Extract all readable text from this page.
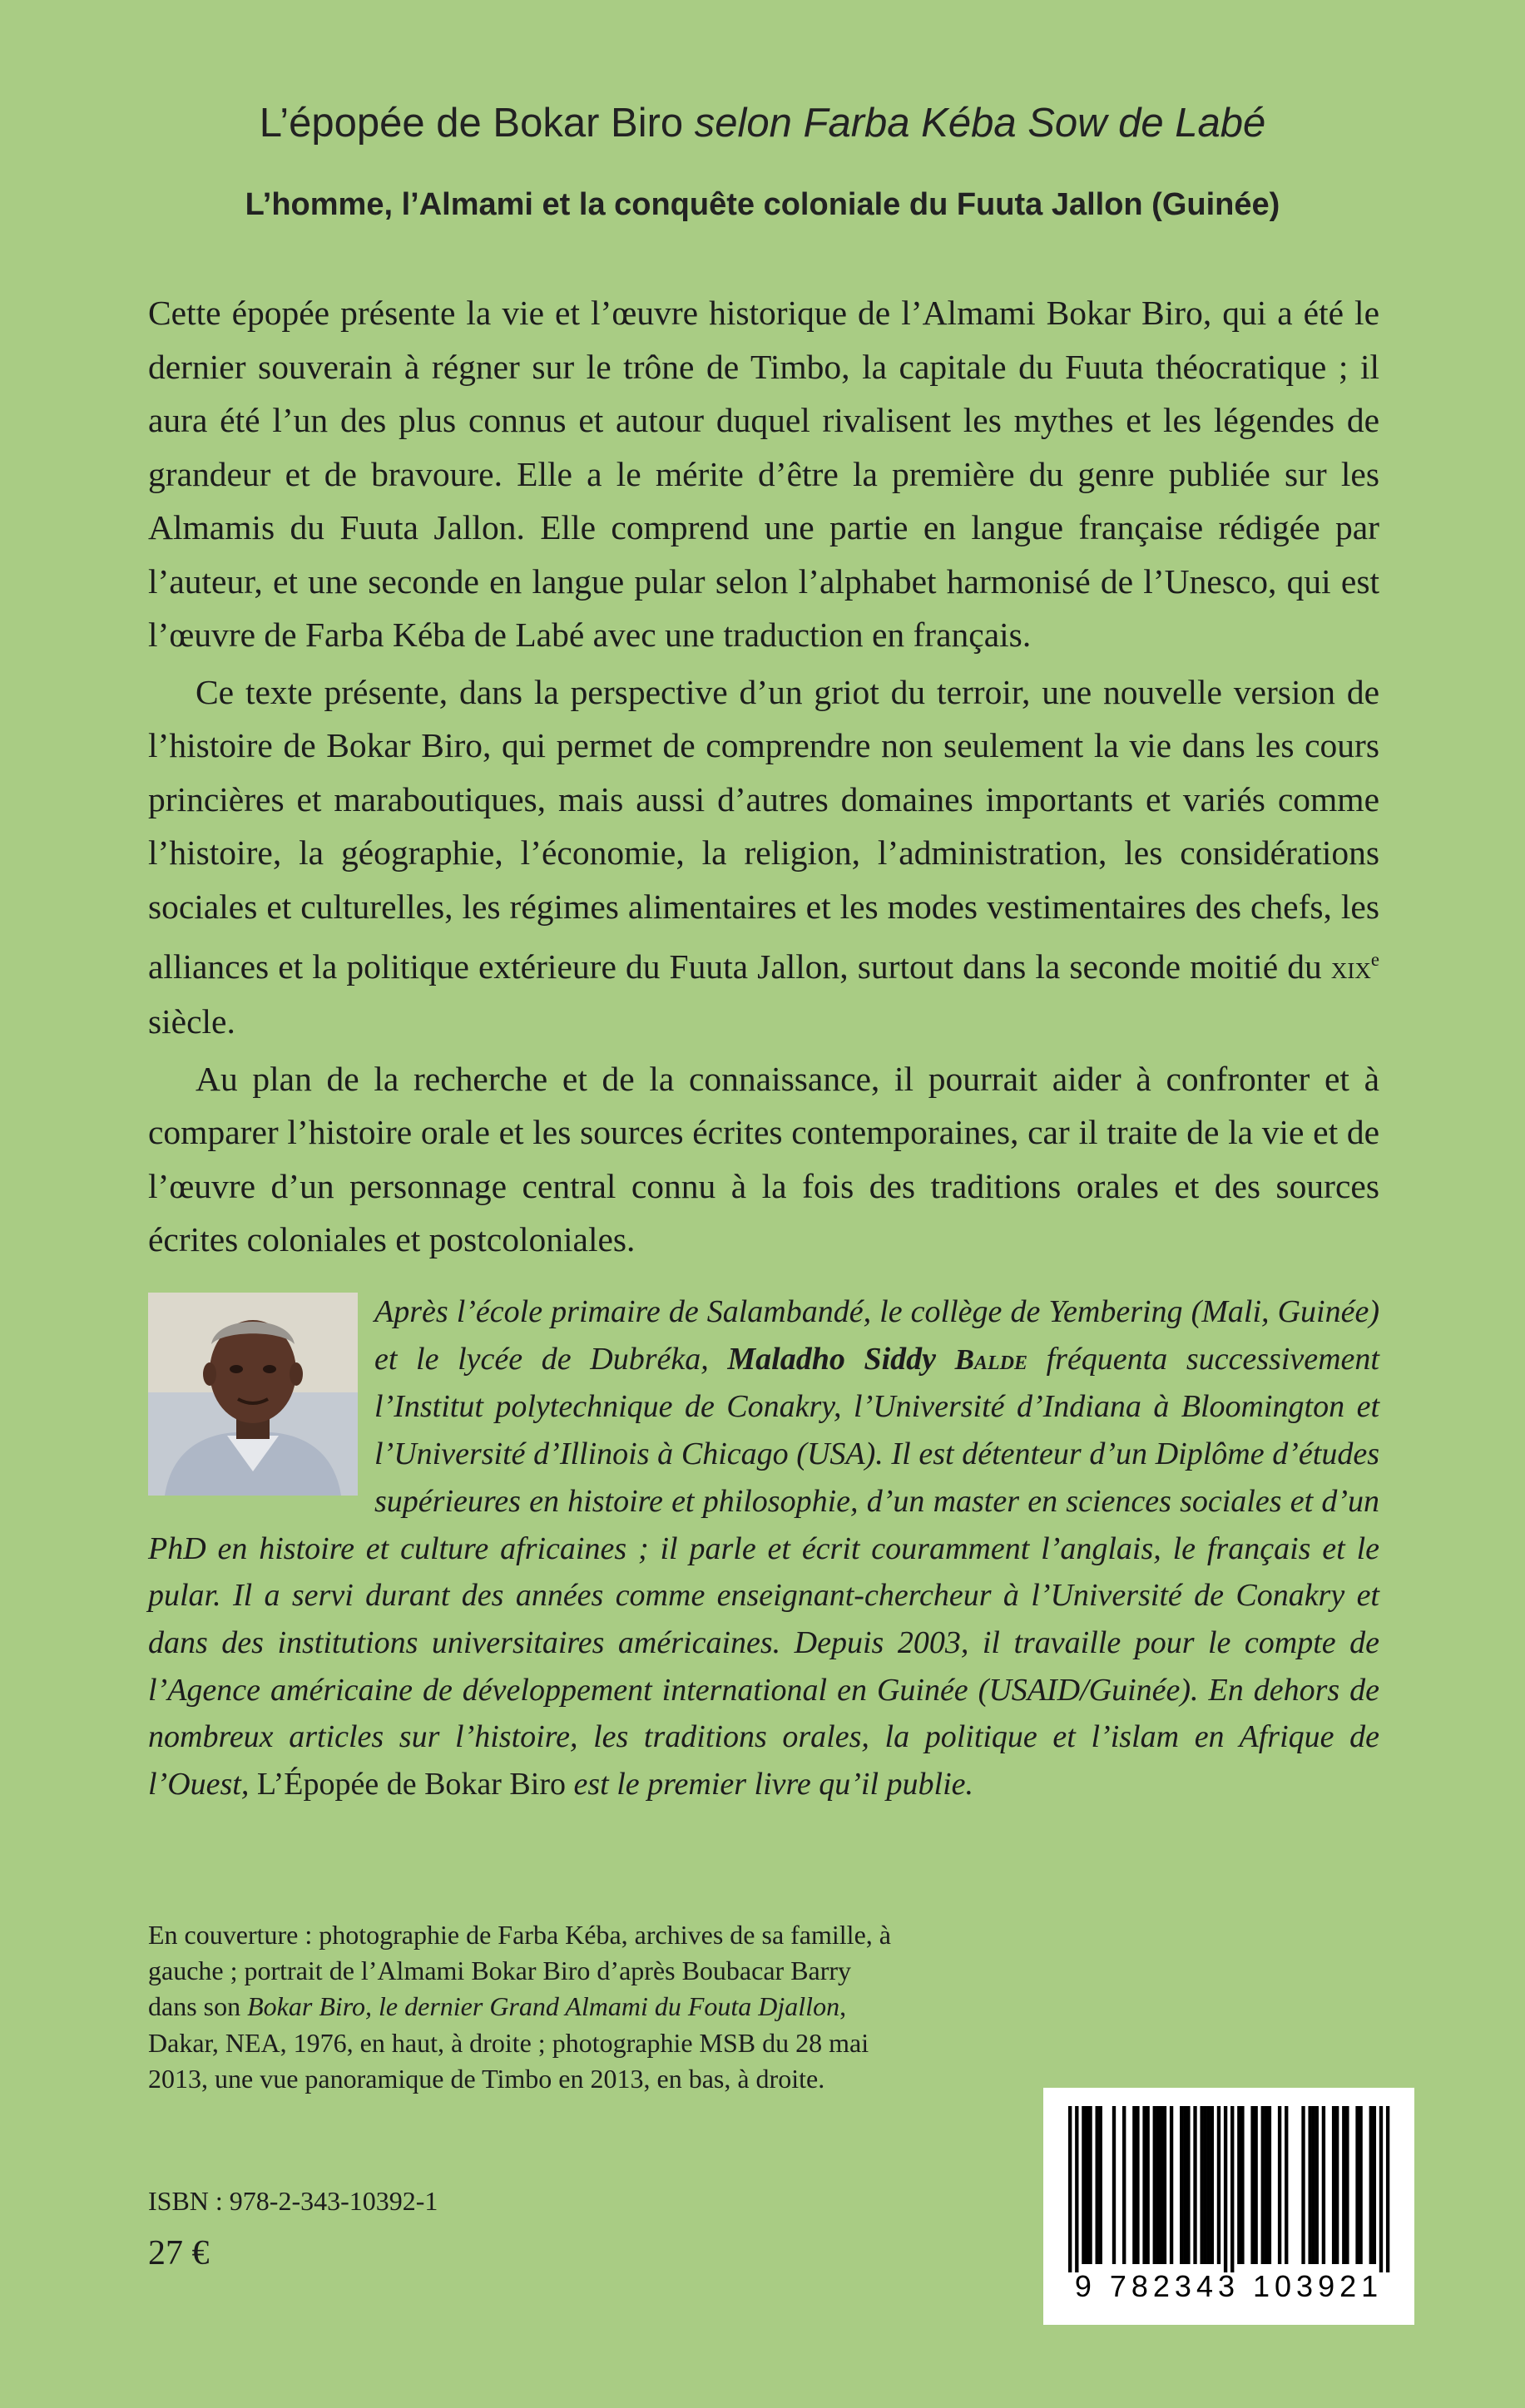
L’épopée de Bokar Biro selon Farba Kéba Sow de Labé
L’homme, l’Almami et la conquête coloniale du Fuuta Jallon (Guinée)

Cette épopée présente la vie et l’œuvre historique de l’Almami Bokar Biro, qui a été le dernier souverain à régner sur le trône de Timbo, la capitale du Fuuta théocratique ; il aura été l’un des plus connus et autour duquel rivalisent les mythes et les légendes de grandeur et de bravoure. Elle a le mérite d’être la première du genre publiée sur les Almamis du Fuuta Jallon. Elle comprend une partie en langue française rédigée par l’auteur, et une seconde en langue pular selon l’alphabet harmonisé de l’Unesco, qui est l’œuvre de Farba Kéba de Labé avec une traduction en français.

Ce texte présente, dans la perspective d’un griot du terroir, une nouvelle version de l’histoire de Bokar Biro, qui permet de comprendre non seulement la vie dans les cours princières et maraboutiques, mais aussi d’autres domaines importants et variés comme l’histoire, la géographie, l’économie, la religion, l’administration, les considérations sociales et culturelles, les régimes alimentaires et les modes vestimentaires des chefs, les alliances et la politique extérieure du Fuuta Jallon, surtout dans la seconde moitié du xix$^e$ siècle.

Au plan de la recherche et de la connaissance, il pourrait aider à confronter et à comparer l’histoire orale et les sources écrites contemporaines, car il traite de la vie et de l’œuvre d’un personnage central connu à la fois des traditions orales et des sources écrites coloniales et postcoloniales.

Après l’école primaire de Salambandé, le collège de Yembering (Mali, Guinée) et le lycée de Dubréka, Maladho Siddy Balde fréquenta successivement l’Institut polytechnique de Conakry, l’Université d’Indiana à Bloomington et l’Université d’Illinois à Chicago (USA). Il est détenteur d’un Diplôme d’études supérieures en histoire et philosophie, d’un master en sciences sociales et d’un PhD en histoire et culture africaines ; il parle et écrit couramment l’anglais, le français et le pular. Il a servi durant des années comme enseignant-chercheur à l’Université de Conakry et dans des institutions universitaires américaines. Depuis 2003, il travaille pour le compte de l’Agence américaine de développement international en Guinée (USAID/Guinée). En dehors de nombreux articles sur l’histoire, les traditions orales, la politique et l’islam en Afrique de l’Ouest, L’Épopée de Bokar Biro est le premier livre qu’il publie.

En couverture : photographie de Farba Kéba, archives de sa famille, à gauche ; portrait de l’Almami Bokar Biro d’après Boubacar Barry dans son Bokar Biro, le dernier Grand Almami du Fouta Djallon, Dakar, NEA, 1976, en haut, à droite ; photographie MSB du 28 mai 2013, une vue panoramique de Timbo en 2013, en bas, à droite.

ISBN : 978-2-343-10392-1

27 €

9 782343 103921
